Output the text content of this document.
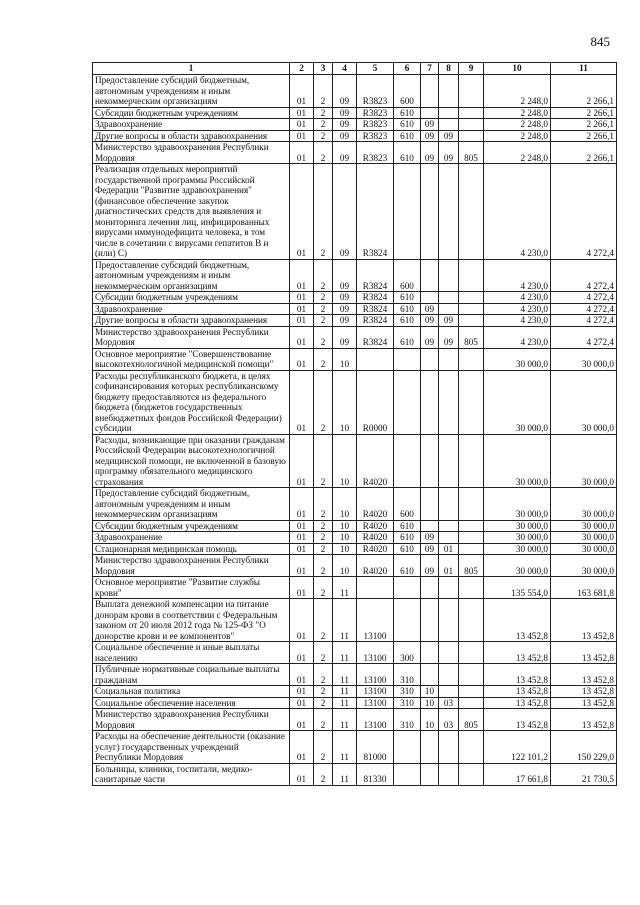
845
1	2	3	4	5	6	7	8	9	10	11
Предоставление субсидий бюджетным, автономным учреждениям и иным некоммерческим организациям	01	2	09	R3823	600				2 248,0	2 266,1
Субсидии бюджетным учреждениям	01	2	09	R3823	610				2 248,0	2 266,1
Здравоохранение	01	2	09	R3823	610	09			2 248,0	2 266,1
Другие вопросы в области здравоохранения	01	2	09	R3823	610	09	09		2 248,0	2 266,1
Министерство здравоохранения Республики Мордовия	01	2	09	R3823	610	09	09	805	2 248,0	2 266,1
Реализация отдельных мероприятий государственной программы Российской Федерации "Развитие здравоохранения" (финансовое обеспечение закупок диагностических средств для выявления и мониторинга лечения лиц, инфицированных вирусами иммунодефицита человека, в том числе в сочетании с вирусами гепатитов В и (или) С)	01	2	09	R3824					4 230,0	4 272,4
Предоставление субсидий бюджетным, автономным учреждениям и иным некоммерческим организациям	01	2	09	R3824	600				4 230,0	4 272,4
Субсидии бюджетным учреждениям	01	2	09	R3824	610				4 230,0	4 272,4
Здравоохранение	01	2	09	R3824	610	09			4 230,0	4 272,4
Другие вопросы в области здравоохранения	01	2	09	R3824	610	09	09		4 230,0	4 272,4
Министерство здравоохранения Республики Мордовия	01	2	09	R3824	610	09	09	805	4 230,0	4 272,4
Основное мероприятие "Совершенствование высокотехнологичной медицинской помощи"	01	2	10						30 000,0	30 000,0
Расходы республиканского бюджета, в целях софинансирования которых республиканскому бюджету предоставляются из федерального бюджета (бюджетов государственных внебюджетных фондов Российской Федерации) субсидии	01	2	10	R0000					30 000,0	30 000,0
Расходы, возникающие при оказании гражданам Российской Федерации высокотехнологичной медицинской помощи, не включенной в базовую программу обязательного медицинского страхования	01	2	10	R4020					30 000,0	30 000,0
Предоставление субсидий бюджетным, автономным учреждениям и иным некоммерческим организациям	01	2	10	R4020	600				30 000,0	30 000,0
Субсидии бюджетным учреждениям	01	2	10	R4020	610				30 000,0	30 000,0
Здравоохранение	01	2	10	R4020	610	09			30 000,0	30 000,0
Стационарная медицинская помощь	01	2	10	R4020	610	09	01		30 000,0	30 000,0
Министерство здравоохранения Республики Мордовия	01	2	10	R4020	610	09	01	805	30 000,0	30 000,0
Основное мероприятие "Развитие службы крови"	01	2	11						135 554,0	163 681,8
Выплата денежной компенсации на питание донорам крови в соответствии с Федеральным законом от 20 июля 2012 года № 125-ФЗ "О донорстве крови и ее компонентов"	01	2	11	13100					13 452,8	13 452,8
Социальное обеспечение и иные выплаты населению	01	2	11	13100	300				13 452,8	13 452,8
Публичные нормативные социальные выплаты гражданам	01	2	11	13100	310				13 452,8	13 452,8
Социальная политика	01	2	11	13100	310	10			13 452,8	13 452,8
Социальное обеспечение населения	01	2	11	13100	310	10	03		13 452,8	13 452,8
Министерство здравоохранения Республики Мордовия	01	2	11	13100	310	10	03	805	13 452,8	13 452,8
Расходы на обеспечение деятельности (оказание услуг) государственных учреждений Республики Мордовия	01	2	11	81000					122 101,2	150 229,0
Больницы, клиники, госпитали, медико-санитарные части	01	2	11	81330					17 661,8	21 730,5
